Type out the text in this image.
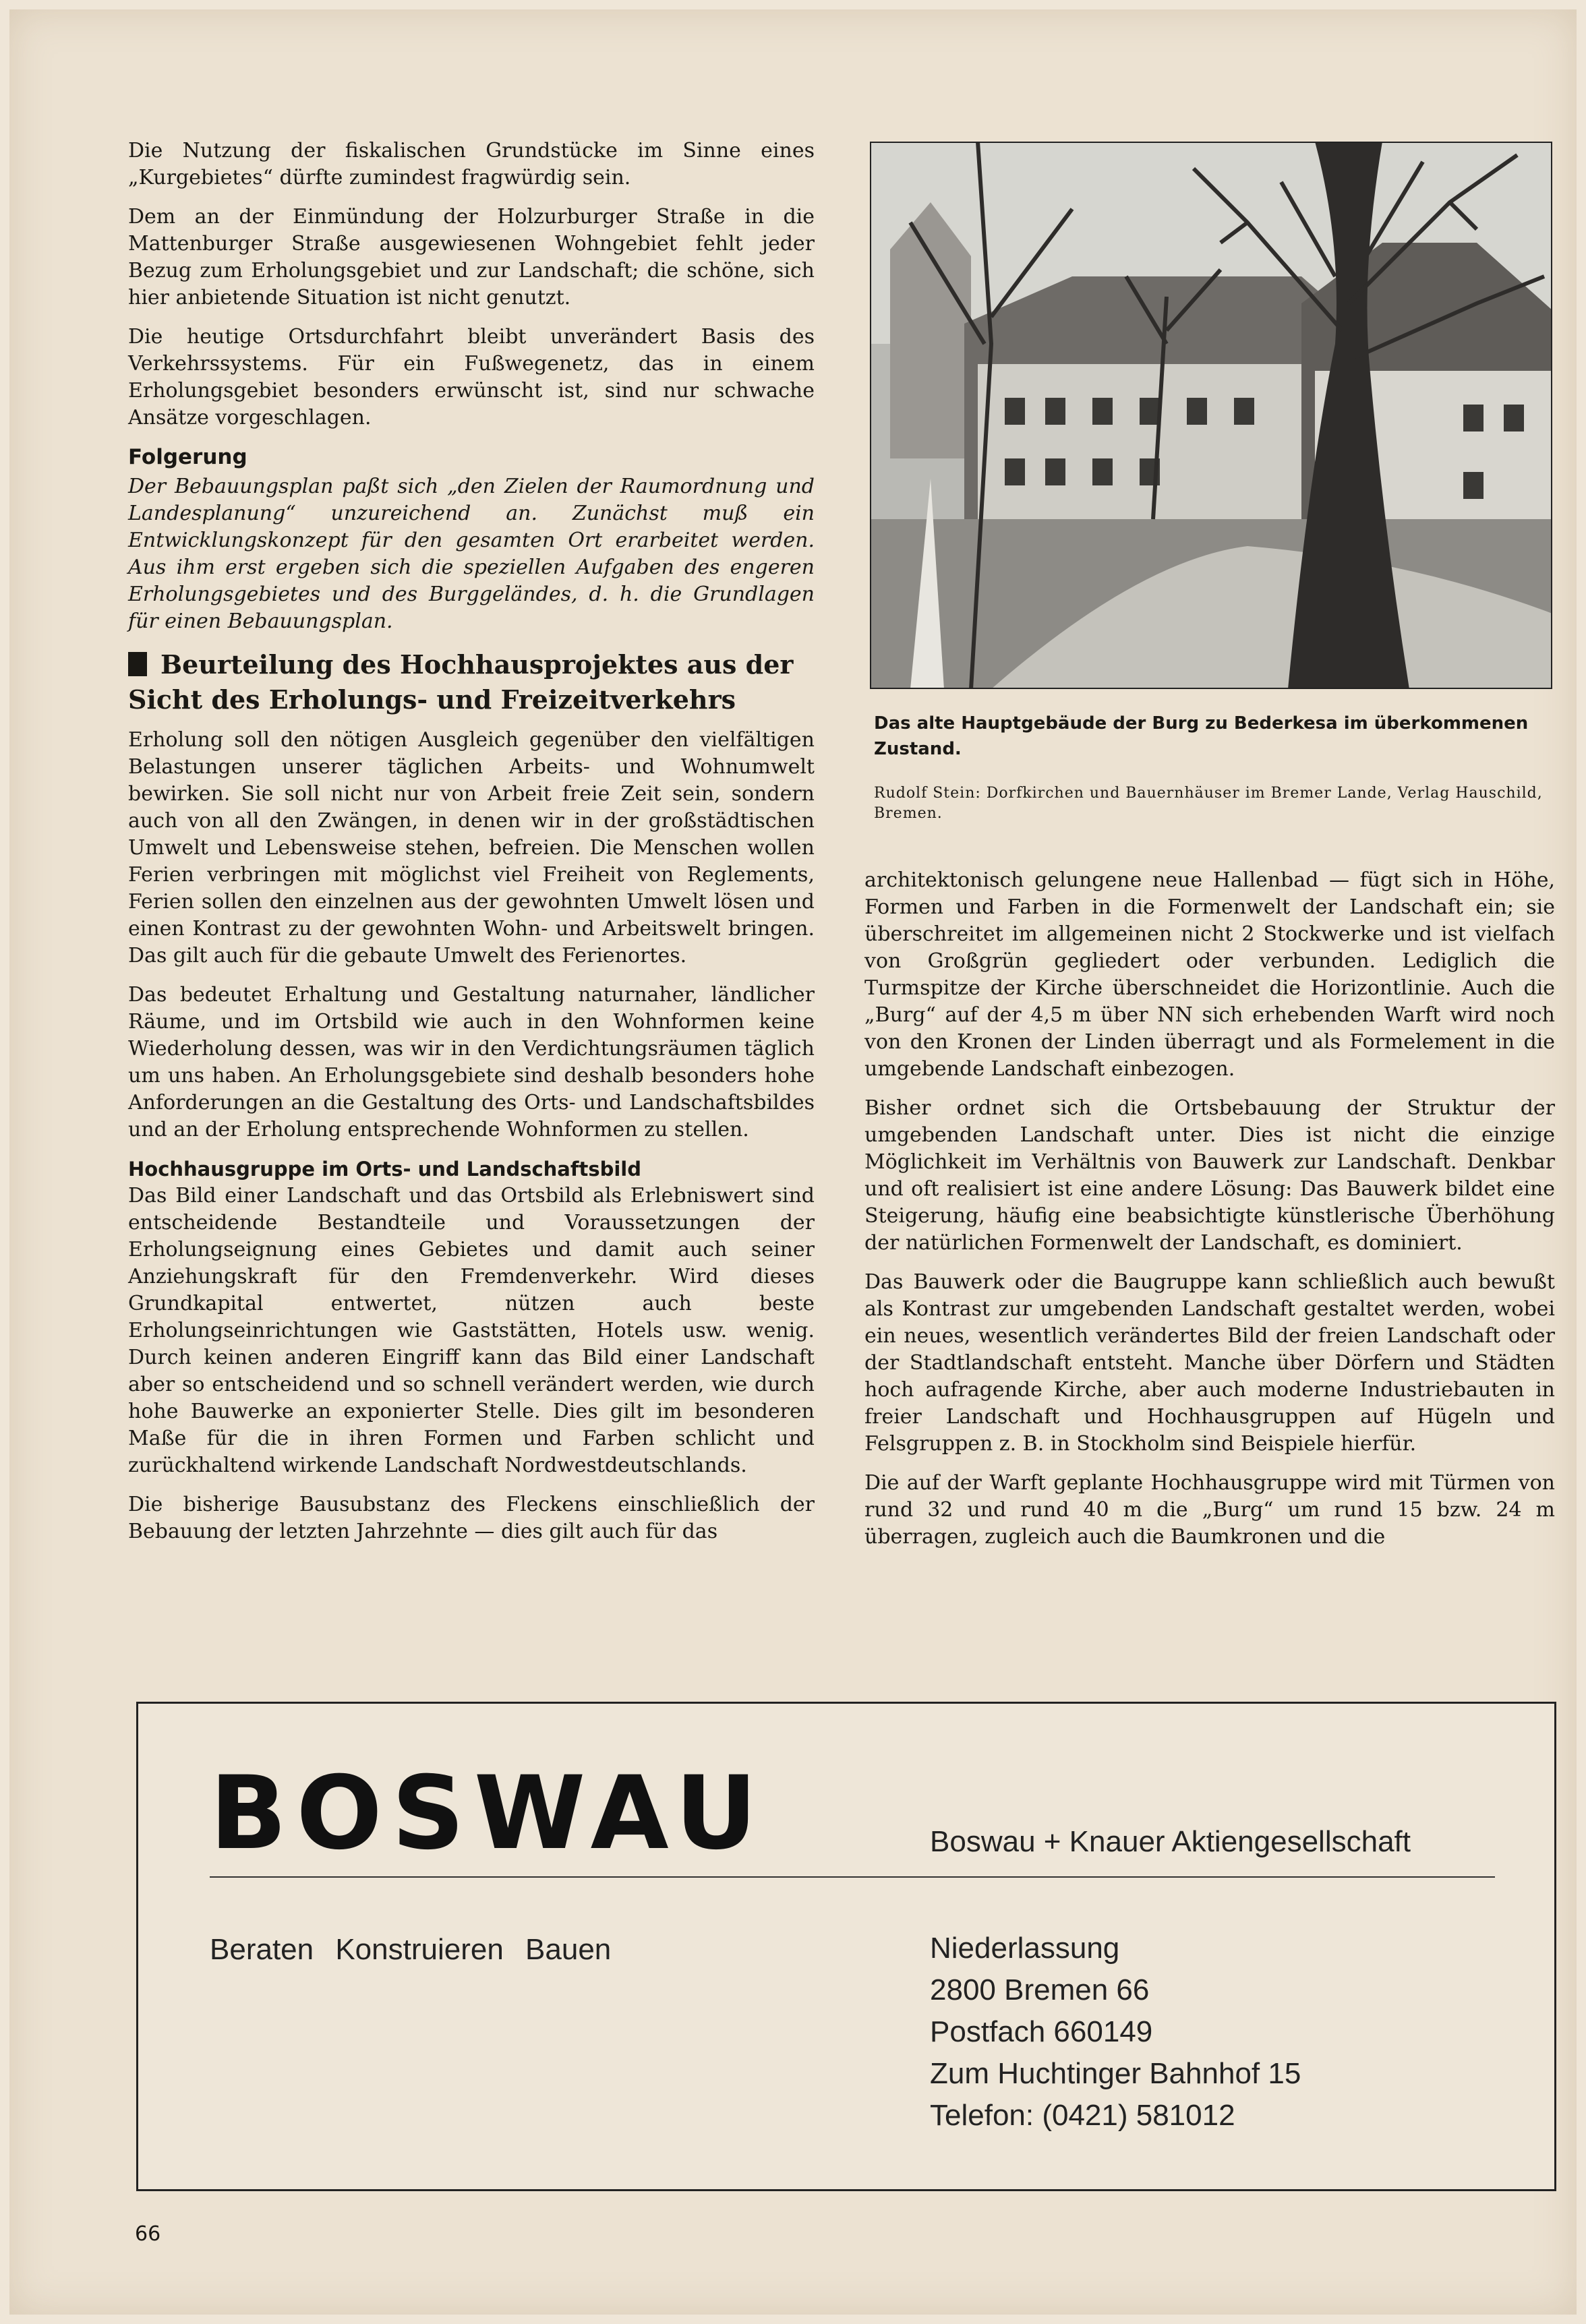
Die Nutzung der fiskalischen Grundstücke im Sinne eines „Kurgebietes“ dürfte zumindest fragwürdig sein.

Dem an der Einmündung der Holzurburger Straße in die Mattenburger Straße ausgewiesenen Wohngebiet fehlt jeder Bezug zum Erholungsgebiet und zur Landschaft; die schöne, sich hier anbietende Situation ist nicht genutzt.

Die heutige Ortsdurchfahrt bleibt unverändert Basis des Verkehrssystems. Für ein Fußwegenetz, das in einem Erholungsgebiet besonders erwünscht ist, sind nur schwache Ansätze vorgeschlagen.

Folgerung

Der Bebauungsplan paßt sich „den Zielen der Raumordnung und Landesplanung“ unzureichend an. Zunächst muß ein Entwicklungskonzept für den gesamten Ort erarbeitet werden. Aus ihm erst ergeben sich die speziellen Aufgaben des engeren Erholungsgebietes und des Burggeländes, d. h. die Grundlagen für einen Bebauungsplan.

Beurteilung des Hochhausprojektes aus der Sicht des Erholungs- und Freizeitverkehrs

Erholung soll den nötigen Ausgleich gegenüber den vielfältigen Belastungen unserer täglichen Arbeits- und Wohnumwelt bewirken. Sie soll nicht nur von Arbeit freie Zeit sein, sondern auch von all den Zwängen, in denen wir in der großstädtischen Umwelt und Lebensweise stehen, befreien. Die Menschen wollen Ferien verbringen mit möglichst viel Freiheit von Reglements, Ferien sollen den einzelnen aus der gewohnten Umwelt lösen und einen Kontrast zu der gewohnten Wohn- und Arbeitswelt bringen. Das gilt auch für die gebaute Umwelt des Ferienortes.

Das bedeutet Erhaltung und Gestaltung naturnaher, ländlicher Räume, und im Ortsbild wie auch in den Wohnformen keine Wiederholung dessen, was wir in den Verdichtungsräumen täglich um uns haben. An Erholungsgebiete sind deshalb besonders hohe Anforderungen an die Gestaltung des Orts- und Landschaftsbildes und an der Erholung entsprechende Wohnformen zu stellen.

Hochhausgruppe im Orts- und Landschaftsbild

Das Bild einer Landschaft und das Ortsbild als Erlebniswert sind entscheidende Bestandteile und Voraussetzungen der Erholungseignung eines Gebietes und damit auch seiner Anziehungskraft für den Fremdenverkehr. Wird dieses Grundkapital entwertet, nützen auch beste Erholungseinrichtungen wie Gaststätten, Hotels usw. wenig. Durch keinen anderen Eingriff kann das Bild einer Landschaft aber so entscheidend und so schnell verändert werden, wie durch hohe Bauwerke an exponierter Stelle. Dies gilt im besonderen Maße für die in ihren Formen und Farben schlicht und zurückhaltend wirkende Landschaft Nordwestdeutschlands.

Die bisherige Bausubstanz des Fleckens einschließlich der Bebauung der letzten Jahrzehnte — dies gilt auch für das

Das alte Hauptgebäude der Burg zu Bederkesa im überkommenen Zustand.
Rudolf Stein: Dorfkirchen und Bauernhäuser im Bremer Lande, Verlag Hauschild, Bremen.

architektonisch gelungene neue Hallenbad — fügt sich in Höhe, Formen und Farben in die Formenwelt der Landschaft ein; sie überschreitet im allgemeinen nicht 2 Stockwerke und ist vielfach von Großgrün gegliedert oder verbunden. Lediglich die Turmspitze der Kirche überschneidet die Horizontlinie. Auch die „Burg“ auf der 4,5 m über NN sich erhebenden Warft wird noch von den Kronen der Linden überragt und als Formelement in die umgebende Landschaft einbezogen.

Bisher ordnet sich die Ortsbebauung der Struktur der umgebenden Landschaft unter. Dies ist nicht die einzige Möglichkeit im Verhältnis von Bauwerk zur Landschaft. Denkbar und oft realisiert ist eine andere Lösung: Das Bauwerk bildet eine Steigerung, häufig eine beabsichtigte künstlerische Überhöhung der natürlichen Formenwelt der Landschaft, es dominiert.

Das Bauwerk oder die Baugruppe kann schließlich auch bewußt als Kontrast zur umgebenden Landschaft gestaltet werden, wobei ein neues, wesentlich verändertes Bild der freien Landschaft oder der Stadtlandschaft entsteht. Manche über Dörfern und Städten hoch aufragende Kirche, aber auch moderne Industriebauten in freier Landschaft und Hochhausgruppen auf Hügeln und Felsgruppen z. B. in Stockholm sind Beispiele hierfür.

Die auf der Warft geplante Hochhausgruppe wird mit Türmen von rund 32 und rund 40 m die „Burg“ um rund 15 bzw. 24 m überragen, zugleich auch die Baumkronen und die

BOSWAU	Boswau + Knauer Aktiengesellschaft
Beraten Konstruieren Bauen	Niederlassung
2800 Bremen 66
Postfach 660149
Zum Huchtinger Bahnhof 15
Telefon: (0421) 581012
66
